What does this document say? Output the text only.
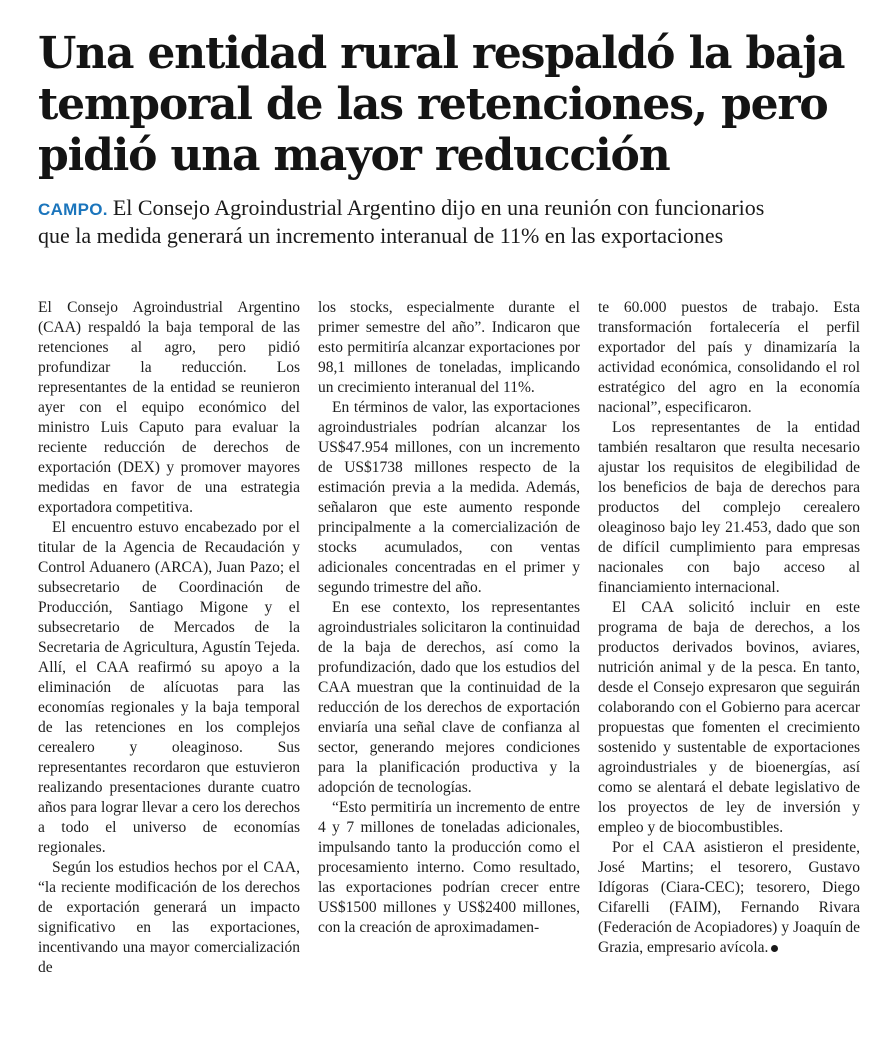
Una entidad rural respaldó la baja
temporal de las retenciones, pero
pidió una mayor reducción
CAMPO. El Consejo Agroindustrial Argentino dijo en una reunión con funcionarios
que la medida generará un incremento interanual de 11% en las exportaciones

El Consejo Agroindustrial Argentino (CAA) respaldó la baja temporal de las retenciones al agro, pero pidió profundizar la reducción. Los representantes de la entidad se reunieron ayer con el equipo económico del ministro Luis Caputo para evaluar la reciente reducción de derechos de exportación (DEX) y promover mayores medidas en favor de una estrategia exportadora competitiva.

El encuentro estuvo encabezado por el titular de la Agencia de Recaudación y Control Aduanero (ARCA), Juan Pazo; el subsecretario de Coordinación de Producción, Santiago Migone y el subsecretario de Mercados de la Secretaria de Agricultura, Agustín Tejeda. Allí, el CAA reafirmó su apoyo a la eliminación de alícuotas para las economías regionales y la baja temporal de las retenciones en los complejos cerealero y oleaginoso. Sus representantes recordaron que estuvieron realizando presentaciones durante cuatro años para lograr llevar a cero los derechos a todo el universo de economías regionales.

Según los estudios hechos por el CAA, “la reciente modificación de los derechos de exportación generará un impacto significativo en las exportaciones, incentivando una mayor comercialización de

los stocks, especialmente durante el primer semestre del año”. Indicaron que esto permitiría alcanzar exportaciones por 98,1 millones de toneladas, implicando un crecimiento interanual del 11%.

En términos de valor, las exportaciones agroindustriales podrían alcanzar los US$47.954 millones, con un incremento de US$1738 millones respecto de la estimación previa a la medida. Además, señalaron que este aumento responde principalmente a la comercialización de stocks acumulados, con ventas adicionales concentradas en el primer y segundo trimestre del año.

En ese contexto, los representantes agroindustriales solicitaron la continuidad de la baja de derechos, así como la profundización, dado que los estudios del CAA muestran que la continuidad de la reducción de los derechos de exportación enviaría una señal clave de confianza al sector, generando mejores condiciones para la planificación productiva y la adopción de tecnologías.

“Esto permitiría un incremento de entre 4 y 7 millones de toneladas adicionales, impulsando tanto la producción como el procesamiento interno. Como resultado, las exportaciones podrían crecer entre US$1500 millones y US$2400 millones, con la creación de aproximadamen-

te 60.000 puestos de trabajo. Esta transformación fortalecería el perfil exportador del país y dinamizaría la actividad económica, consolidando el rol estratégico del agro en la economía nacional”, especificaron.

Los representantes de la entidad también resaltaron que resulta necesario ajustar los requisitos de elegibilidad de los beneficios de baja de derechos para productos del complejo cerealero oleaginoso bajo ley 21.453, dado que son de difícil cumplimiento para empresas nacionales con bajo acceso al financiamiento internacional.

El CAA solicitó incluir en este programa de baja de derechos, a los productos derivados bovinos, aviares, nutrición animal y de la pesca. En tanto, desde el Consejo expresaron que seguirán colaborando con el Gobierno para acercar propuestas que fomenten el crecimiento sostenido y sustentable de exportaciones agroindustriales y de bioenergías, así como se alentará el debate legislativo de los proyectos de ley de inversión y empleo y de biocombustibles.

Por el CAA asistieron el presidente, José Martins; el tesorero, Gustavo Idígoras (Ciara-CEC); tesorero, Diego Cifarelli (FAIM), Fernando Rivara (Federación de Acopiadores) y Joaquín de Grazia, empresario avícola.
